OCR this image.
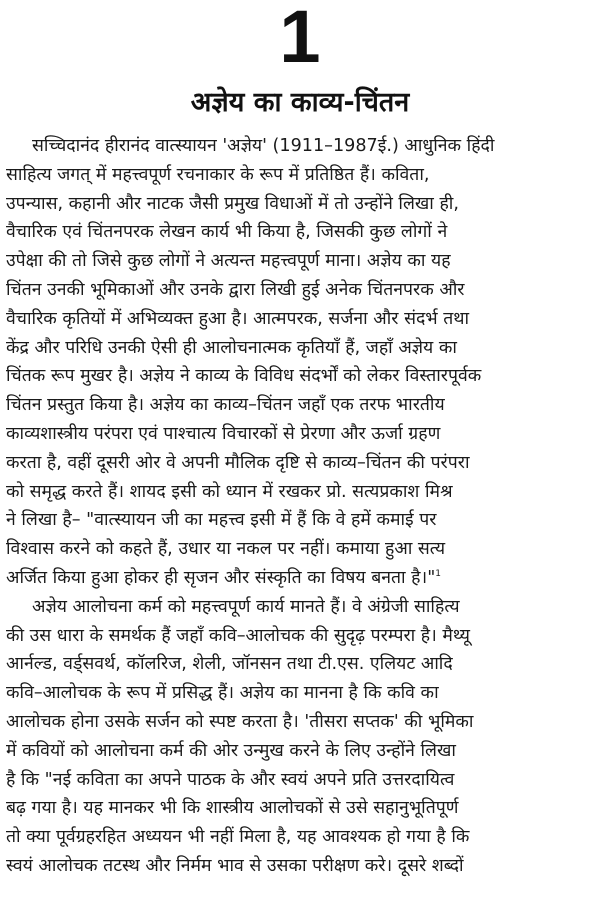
1
अज्ञेय का काव्य-चिंतन
सच्चिदानंद हीरानंद वात्स्यायन 'अज्ञेय' (1911–1987ई.) आधुनिक हिंदी
साहित्य जगत् में महत्त्वपूर्ण रचनाकार के रूप में प्रतिष्ठित हैं। कविता,
उपन्यास, कहानी और नाटक जैसी प्रमुख विधाओं में तो उन्होंने लिखा ही,
वैचारिक एवं चिंतनपरक लेखन कार्य भी किया है, जिसकी कुछ लोगों ने
उपेक्षा की तो जिसे कुछ लोगों ने अत्यन्त महत्त्वपूर्ण माना। अज्ञेय का यह
चिंतन उनकी भूमिकाओं और उनके द्वारा लिखी हुई अनेक चिंतनपरक और
वैचारिक कृतियों में अभिव्यक्त हुआ है। आत्मपरक, सर्जना और संदर्भ तथा
केंद्र और परिधि उनकी ऐसी ही आलोचनात्मक कृतियाँ हैं, जहाँ अज्ञेय का
चिंतक रूप मुखर है। अज्ञेय ने काव्य के विविध संदर्भों को लेकर विस्तारपूर्वक
चिंतन प्रस्तुत किया है। अज्ञेय का काव्य–चिंतन जहाँ एक तरफ भारतीय
काव्यशास्त्रीय परंपरा एवं पाश्चात्य विचारकों से प्रेरणा और ऊर्जा ग्रहण
करता है, वहीं दूसरी ओर वे अपनी मौलिक दृष्टि से काव्य–चिंतन की परंपरा
को समृद्ध करते हैं। शायद इसी को ध्यान में रखकर प्रो. सत्यप्रकाश मिश्र
ने लिखा है– "वात्स्यायन जी का महत्त्व इसी में हैं कि वे हमें कमाई पर
विश्वास करने को कहते हैं, उधार या नकल पर नहीं। कमाया हुआ सत्य
अर्जित किया हुआ होकर ही सृजन और संस्कृति का विषय बनता है।"$^1$
अज्ञेय आलोचना कर्म को महत्त्वपूर्ण कार्य मानते हैं। वे अंग्रेजी साहित्य
की उस धारा के समर्थक हैं जहाँ कवि–आलोचक की सुदृढ़ परम्परा है। मैथ्यू
आर्नल्ड, वर्ड्सवर्थ, कॉलरिज, शेली, जॉनसन तथा टी.एस. एलियट आदि
कवि–आलोचक के रूप में प्रसिद्ध हैं। अज्ञेय का मानना है कि कवि का
आलोचक होना उसके सर्जन को स्पष्ट करता है। 'तीसरा सप्तक' की भूमिका
में कवियों को आलोचना कर्म की ओर उन्मुख करने के लिए उन्होंने लिखा
है कि "नई कविता का अपने पाठक के और स्वयं अपने प्रति उत्तरदायित्व
बढ़ गया है। यह मानकर भी कि शास्त्रीय आलोचकों से उसे सहानुभूतिपूर्ण
तो क्या पूर्वग्रहरहित अध्ययन भी नहीं मिला है, यह आवश्यक हो गया है कि
स्वयं आलोचक तटस्थ और निर्मम भाव से उसका परीक्षण करे। दूसरे शब्दों
